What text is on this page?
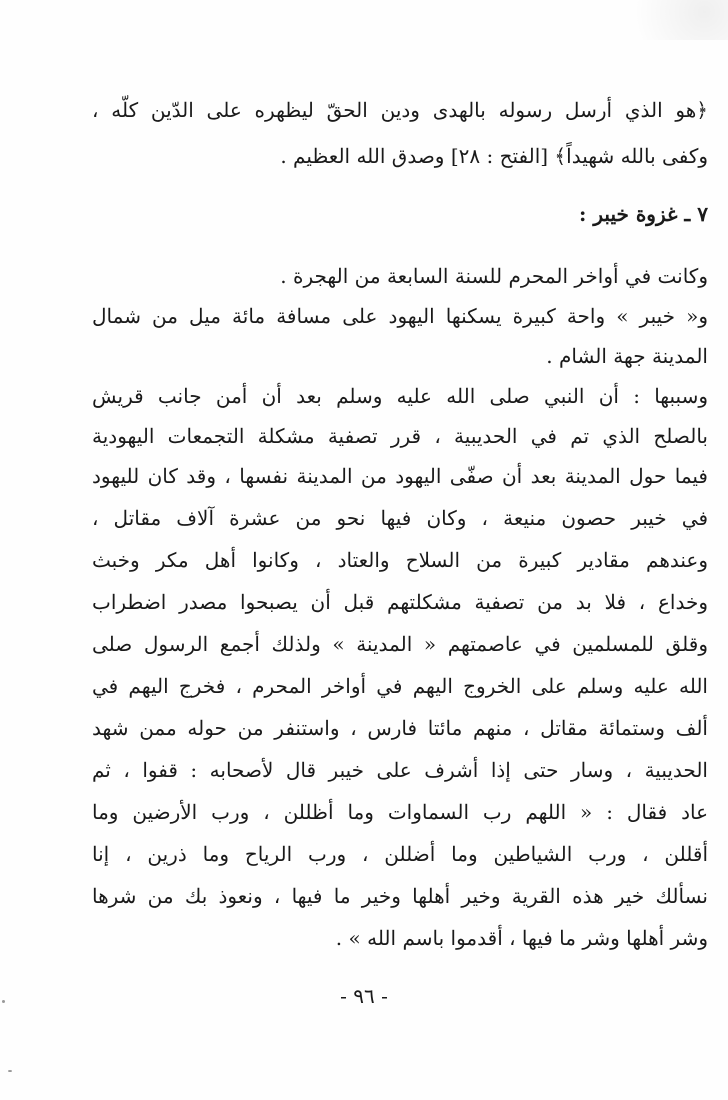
﴿هو الذي أرسل رسوله بالهدى ودين الحقّ ليظهره على الدّين كلّه ،
وكفى بالله شهيداً﴾ [الفتح : ٢٨] وصدق الله العظيم .
٧ ـ غزوة خيبر :
وكانت في أواخر المحرم للسنة السابعة من الهجرة .
و« خيبر » واحة كبيرة يسكنها اليهود على مسافة مائة ميل من شمال
المدينة جهة الشام .
وسببها : أن النبي صلى الله عليه وسلم بعد أن أمن جانب قريش
بالصلح الذي تم في الحديبية ، قرر تصفية مشكلة التجمعات اليهودية
فيما حول المدينة بعد أن صفّى اليهود من المدينة نفسها ، وقد كان لليهود
في خيبر حصون منيعة ، وكان فيها نحو من عشرة آلاف مقاتل ،
وعندهم مقادير كبيرة من السلاح والعتاد ، وكانوا أهل مكر وخبث
وخداع ، فلا بد من تصفية مشكلتهم قبل أن يصبحوا مصدر اضطراب
وقلق للمسلمين في عاصمتهم « المدينة » ولذلك أجمع الرسول صلى
الله عليه وسلم على الخروج اليهم في أواخر المحرم ، فخرج اليهم في
ألف وستمائة مقاتل ، منهم مائتا فارس ، واستنفر من حوله ممن شهد
الحديبية ، وسار حتى إذا أشرف على خيبر قال لأصحابه : قفوا ، ثم
عاد فقال : « اللهم رب السماوات وما أظللن ، ورب الأرضين وما
أقللن ، ورب الشياطين وما أضللن ، ورب الرياح وما ذرين ، إنا
نسألك خير هذه القرية وخير أهلها وخير ما فيها ، ونعوذ بك من شرها
وشر أهلها وشر ما فيها ، أقدموا باسم الله » .
- ٩٦ -
